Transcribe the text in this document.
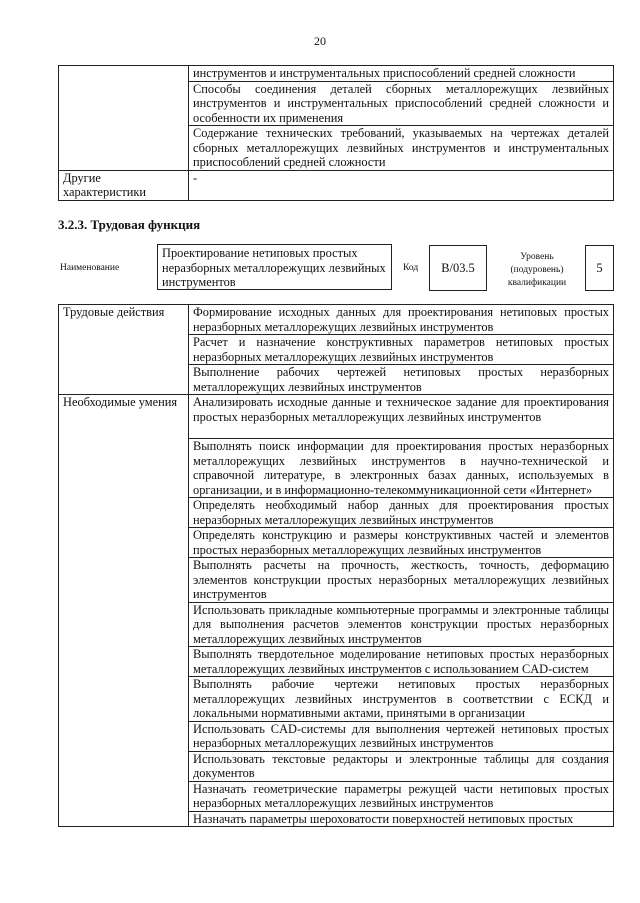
20
	инструментов и инструментальных приспособлений средней сложности
	Способы соединения деталей сборных металлорежущих лезвийных инструментов и инструментальных приспособлений средней сложности и особенности их применения
	Содержание технических требований, указываемых на чертежах деталей сборных металлорежущих лезвийных инструментов и инструментальных приспособлений средней сложности
Другие характеристики	-
3.2.3. Трудовая функция
Наименование
Проектирование нетиповых простых неразборных металлорежущих лезвийных инструментов
Код B/03.5
Уровень (подуровень) квалификации
5
Трудовые действия	Формирование исходных данных для проектирования нетиповых простых неразборных металлорежущих лезвийных инструментов
	Расчет и назначение конструктивных параметров нетиповых простых неразборных металлорежущих лезвийных инструментов
	Выполнение рабочих чертежей нетиповых простых неразборных металлорежущих лезвийных инструментов
Необходимые умения	Анализировать исходные данные и техническое задание для проектирования простых неразборных металлорежущих лезвийных инструментов
	Выполнять поиск информации для проектирования простых неразборных металлорежущих лезвийных инструментов в научно-технической и справочной литературе, в электронных базах данных, используемых в организации, и в информационно-телекоммуникационной сети «Интернет»
	Определять необходимый набор данных для проектирования простых неразборных металлорежущих лезвийных инструментов
	Определять конструкцию и размеры конструктивных частей и элементов простых неразборных металлорежущих лезвийных инструментов
	Выполнять расчеты на прочность, жесткость, точность, деформацию элементов конструкции простых неразборных металлорежущих лезвийных инструментов
	Использовать прикладные компьютерные программы и электронные таблицы для выполнения расчетов элементов конструкции простых неразборных металлорежущих лезвийных инструментов
	Выполнять твердотельное моделирование нетиповых простых неразборных металлорежущих лезвийных инструментов с использованием CAD-систем
	Выполнять рабочие чертежи нетиповых простых неразборных металлорежущих лезвийных инструментов в соответствии с ЕСКД и локальными нормативными актами, принятыми в организации
	Использовать CAD-системы для выполнения чертежей нетиповых простых неразборных металлорежущих лезвийных инструментов
	Использовать текстовые редакторы и электронные таблицы для создания документов
	Назначать геометрические параметры режущей части нетиповых простых неразборных металлорежущих лезвийных инструментов
	Назначать параметры шероховатости поверхностей нетиповых простых
